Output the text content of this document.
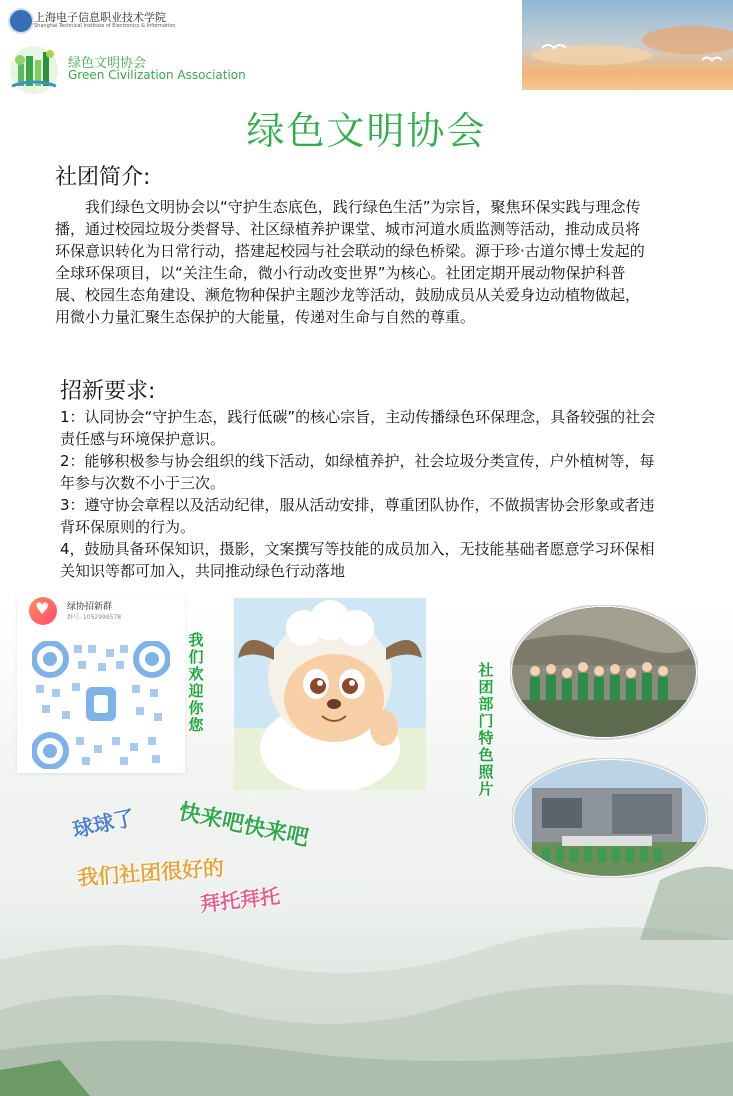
上海电子信息职业技术学院
Shanghai Technical Institute of Electronics & Information
绿色文明协会
Green Civilization Association
绿色文明协会
社团简介:

我们绿色文明协会以“守护生态底色，践行绿色生活”为宗旨，聚焦环保实践与理念传播，通过校园垃圾分类督导、社区绿植养护课堂、城市河道水质监测等活动，推动成员将环保意识转化为日常行动，搭建起校园与社会联动的绿色桥梁。源于珍·古道尔博士发起的全球环保项目，以“关注生命，微小行动改变世界”为核心。社团定期开展动物保护科普展、校园生态角建设、濒危物种保护主题沙龙等活动，鼓励成员从关爱身边动植物做起，用微小力量汇聚生态保护的大能量，传递对生命与自然的尊重。

招新要求:
1：认同协会“守护生态，践行低碳”的核心宗旨，主动传播绿色环保理念，具备较强的社会责任感与环境保护意识。
2：能够积极参与协会组织的线下活动，如绿植养护，社会垃圾分类宣传，户外植树等，每年参与次数不小于三次。
3：遵守协会章程以及活动纪律，服从活动安排，尊重团队协作，不做损害协会形象或者违背环保原则的行为。
4，鼓励具备环保知识，摄影，文案撰写等技能的成员加入，无技能基础者愿意学习环保相关知识等都可加入，共同推动绿色行动落地
♥ 绿协招新群
群号: 1052999578
我们欢迎你您
社团部门特色照片
球球了 快来吧快来吧
我们社团很好的
拜托拜托
